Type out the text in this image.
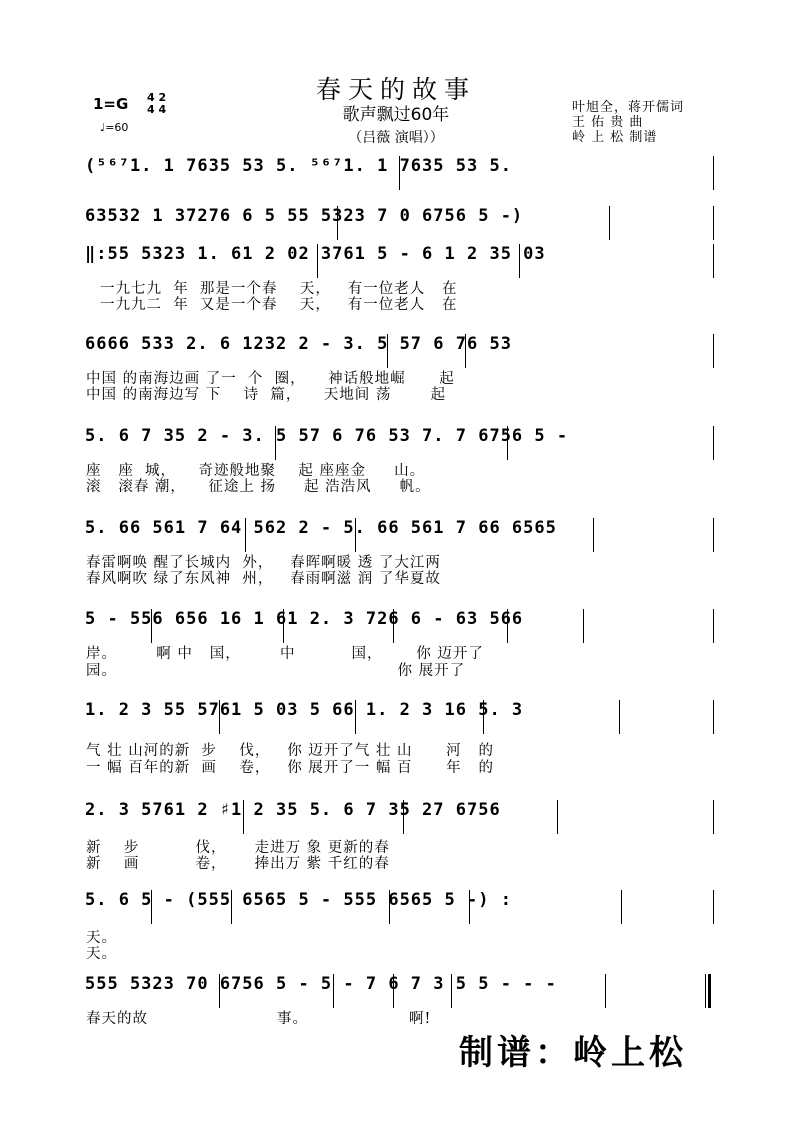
春天的故事
歌声飘过60年
（吕薇 演唱））
1=G 4 2
4 4
♩=60
叶旭全，蒋开儒词
王 佑 贵 曲
岭 上 松 制谱
(⁵⁶⁷1. 1 7635 53 5. ⁵⁶⁷1. 1 7635 53 5.
63532 1 37276 6 5 55 5323 7 0 6756 5 -)
‖:55 5323 1. 61 2 02 3761 5 - 6 1 2 35 03
一九七九  年  那是一个春    天，   有一位老人   在
一九九二  年  又是一个春    天，   有一位老人   在
6666 533 2. 6 1232 2 - 3. 5 57 6 76 53
中国 的南海边画 了一  个  圈，    神话般地崛      起
中国 的南海边写 下    诗  篇，    天地间 荡       起
5. 6 7 35 2 - 3. 5 57 6 76 53 7. 7 6756 5 -
座   座  城，    奇迹般地聚    起 座座金     山。
滚   滚春 潮，    征途上 扬     起 浩浩风     帆。
5. 66 561 7 64 562 2 - 5. 66 561 7 66 6565
春雷啊唤 醒了长城内  外，   春晖啊暖 透 了大江两
春风啊吹 绿了东风神  州，   春雨啊滋 润 了华夏故
5 - 556 656 16 1 61 2. 3 726 6 - 63 566
岸。       啊 中   国，       中          国，      你 迈开了
园。                                                  你 展开了
1. 2 3 55 5761 5 03 5 66 1. 2 3 16 5. 3
气 壮 山河的新  步    伐，   你 迈开了气 壮 山      河   的
一 幅 百年的新  画    卷，   你 展开了一 幅 百      年   的
2. 3 5761 2 ♯1 2 35 5. 6 7 35 27 6756
新    步          伐，     走进万 象 更新的春
新    画          卷，     捧出万 紫 千红的春
5. 6 5 - (555 6565 5 - 555 6565 5 -) :
天。
天。
555 5323 70 6756 5 - 5 - 7 6 7 3 5 5 - - -
春天的故                       事。                  啊!
制谱：岭上松
